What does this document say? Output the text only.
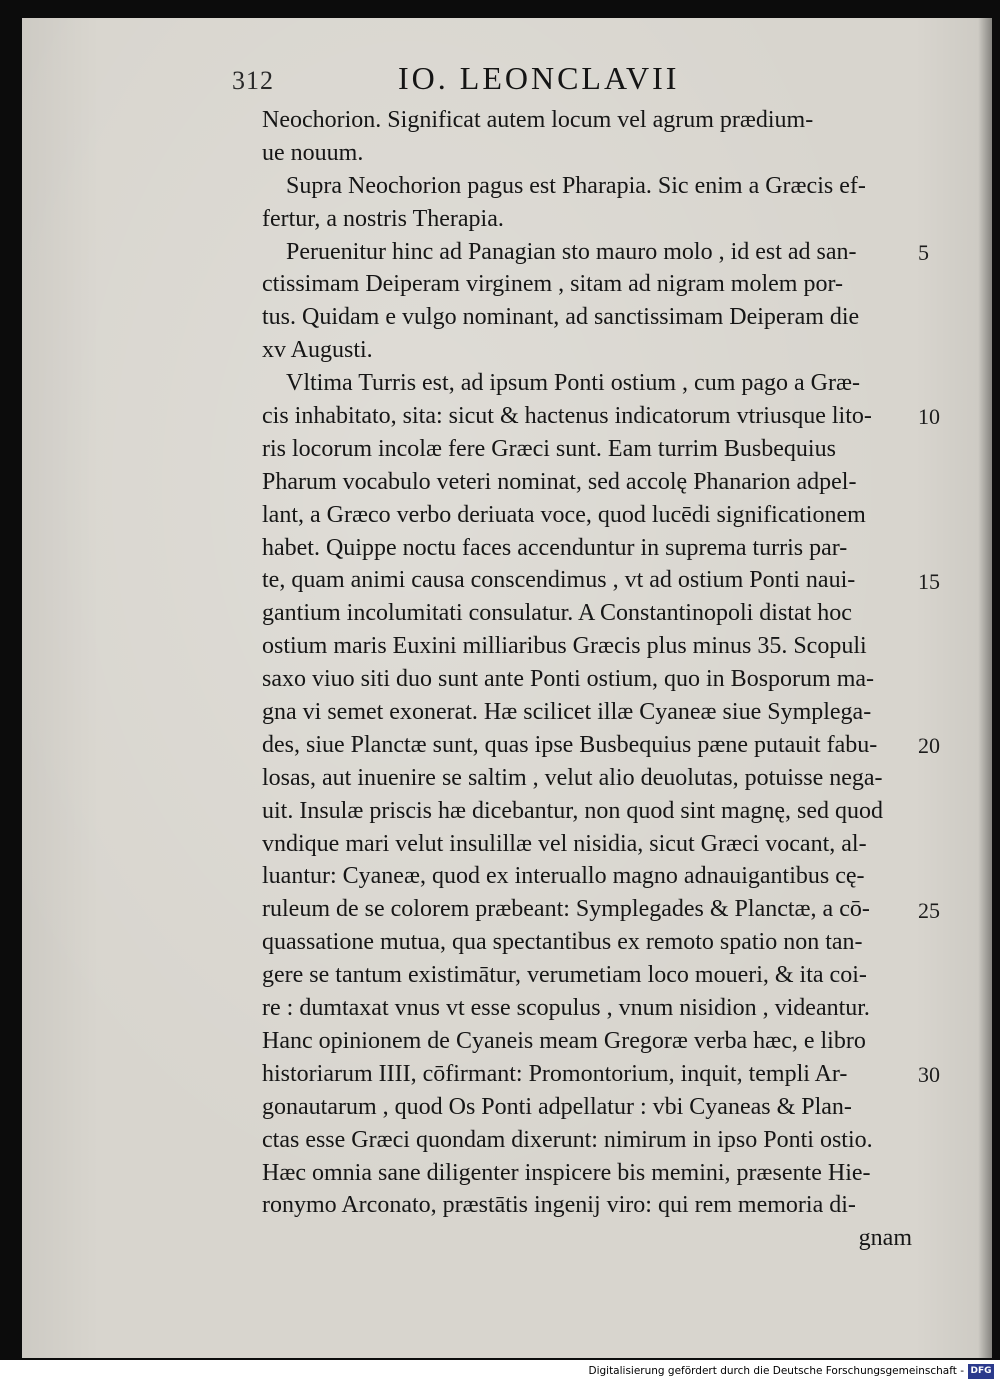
312	IO. LEONCLAVII
Neochorion. Significat autem locum vel agrum prædium-
ue nouum.
Supra Neochorion pagus est Pharapia. Sic enim a Græcis ef-
fertur, a nostris Therapia.
Peruenitur hinc ad Panagian sto mauro molo , id est ad san-
ctissimam Deiperam virginem , sitam ad nigram molem por-
tus. Quidam e vulgo nominant, ad sanctissimam Deiperam die
xv Augusti.
Vltima Turris est, ad ipsum Ponti ostium , cum pago a Græ-
cis inhabitato, sita: sicut & hactenus indicatorum vtriusque lito-
ris locorum incolæ fere Græci sunt. Eam turrim Busbequius
Pharum vocabulo veteri nominat, sed accolę Phanarion adpel-
lant, a Græco verbo deriuata voce, quod lucēdi significationem
habet. Quippe noctu faces accenduntur in suprema turris par-
te, quam animi causa conscendimus , vt ad ostium Ponti naui-
gantium incolumitati consulatur. A Constantinopoli distat hoc
ostium maris Euxini milliaribus Græcis plus minus 35. Scopuli
saxo viuo siti duo sunt ante Ponti ostium, quo in Bosporum ma-
gna vi semet exonerat. Hæ scilicet illæ Cyaneæ siue Symplega-
des, siue Planctæ sunt, quas ipse Busbequius pæne putauit fabu-
losas, aut inuenire se saltim , velut alio deuolutas, potuisse nega-
uit. Insulæ priscis hæ dicebantur, non quod sint magnę, sed quod
vndique mari velut insulillæ vel nisidia, sicut Græci vocant, al-
luantur: Cyaneæ, quod ex interuallo magno adnauigantibus cę-
ruleum de se colorem præbeant: Symplegades & Planctæ, a cō-
quassatione mutua, qua spectantibus ex remoto spatio non tan-
gere se tantum existimātur, verumetiam loco moueri, & ita coi-
re : dumtaxat vnus vt esse scopulus , vnum nisidion , videantur.
Hanc opinionem de Cyaneis meam Gregoræ verba hæc, e libro
historiarum IIII, cōfirmant: Promontorium, inquit, templi Ar-
gonautarum , quod Os Ponti adpellatur : vbi Cyaneas & Plan-
ctas esse Græci quondam dixerunt: nimirum in ipso Ponti ostio.
Hæc omnia sane diligenter inspicere bis memini, præsente Hie-
ronymo Arconato, præstātis ingenij viro: qui rem memoria di-
gnam
5
10
15
20
25
30
Digitalisierung gefördert durch die Deutsche Forschungsgemeinschaft - DFG
